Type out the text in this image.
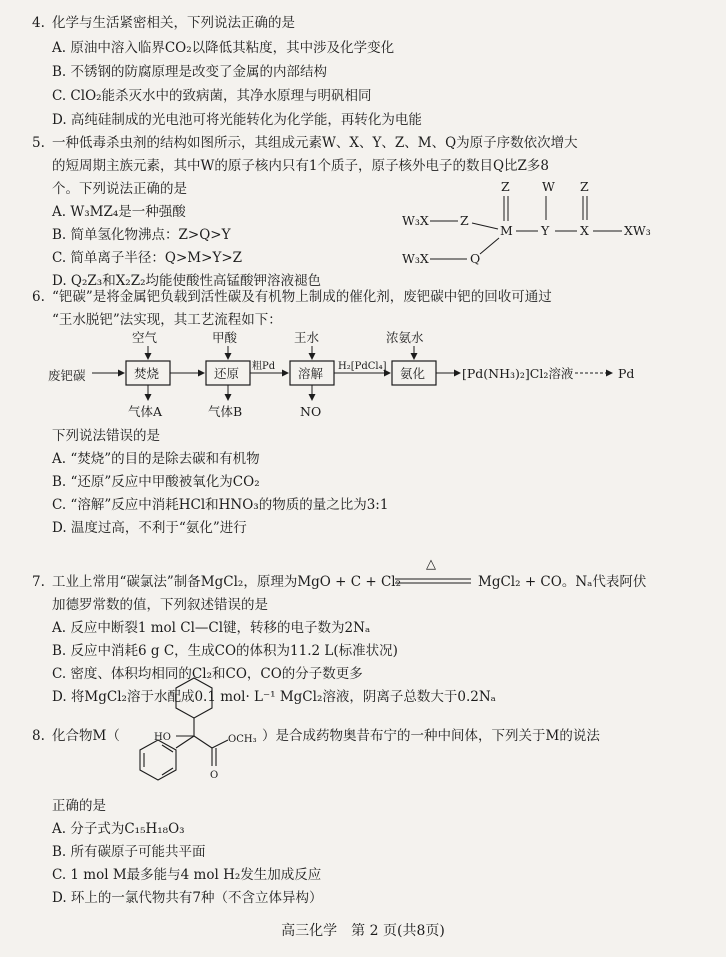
4. 化学与生活紧密相关，下列说法正确的是
A. 原油中溶入临界CO₂以降低其粘度，其中涉及化学变化
B. 不锈钢的防腐原理是改变了金属的内部结构
C. ClO₂能杀灭水中的致病菌，其净水原理与明矾相同
D. 高纯硅制成的光电池可将光能转化为化学能，再转化为电能
5. 一种低毒杀虫剂的结构如图所示，其组成元素W、X、Y、Z、M、Q为原子序数依次增大
的短周期主族元素，其中W的原子核内只有1个质子，原子核外电子的数目Q比Z多8
个。下列说法正确的是
A. W₃MZ₄是一种强酸
B. 简单氢化物沸点：Z>Q>Y
C. 简单离子半径：Q>M>Y>Z
D. Q₂Z₃和X₂Z₂均能使酸性高锰酸钾溶液褪色
Z	W Z
W₃X Z
M Y X	XW₃
W₃X	Q
6. “钯碳”是将金属钯负载到活性碳及有机物上制成的催化剂，废钯碳中钯的回收可通过
“王水脱钯”法实现，其工艺流程如下：
空气	甲酸	王水	浓氨水
废钯碳	焚烧	还原	溶解	氨化
粗Pd	H₂[PdCl₄]	[Pd(NH₃)₂]Cl₂溶液	Pd
气体A	气体B	NO
下列说法错误的是
A. “焚烧”的目的是除去碳和有机物
B. “还原”反应中甲酸被氧化为CO₂
C. “溶解”反应中消耗HCl和HNO₃的物质的量之比为3:1
D. 温度过高，不利于“氨化”进行
7. 工业上常用“碳氯法”制备MgCl₂，原理为MgO + C + Cl₂
△
MgCl₂ + CO。Nₐ代表阿伏
加德罗常数的值，下列叙述错误的是
A. 反应中断裂1 mol Cl—Cl键，转移的电子数为2Nₐ
B. 反应中消耗6 g C，生成CO的体积为11.2 L(标准状况)
C. 密度、体积均相同的Cl₂和CO，CO的分子数更多
D. 将MgCl₂溶于水配成0.1 mol· L⁻¹ MgCl₂溶液，阴离子总数大于0.2Nₐ
8. 化合物M（	HO
O
OCH₃ ）是合成药物奥昔布宁的一种中间体，下列关于M的说法
正确的是
A. 分子式为C₁₅H₁₈O₃
B. 所有碳原子可能共平面
C. 1 mol M最多能与4 mol H₂发生加成反应
D. 环上的一氯代物共有7种（不含立体异构）
高三化学　第 2 页(共8页)
